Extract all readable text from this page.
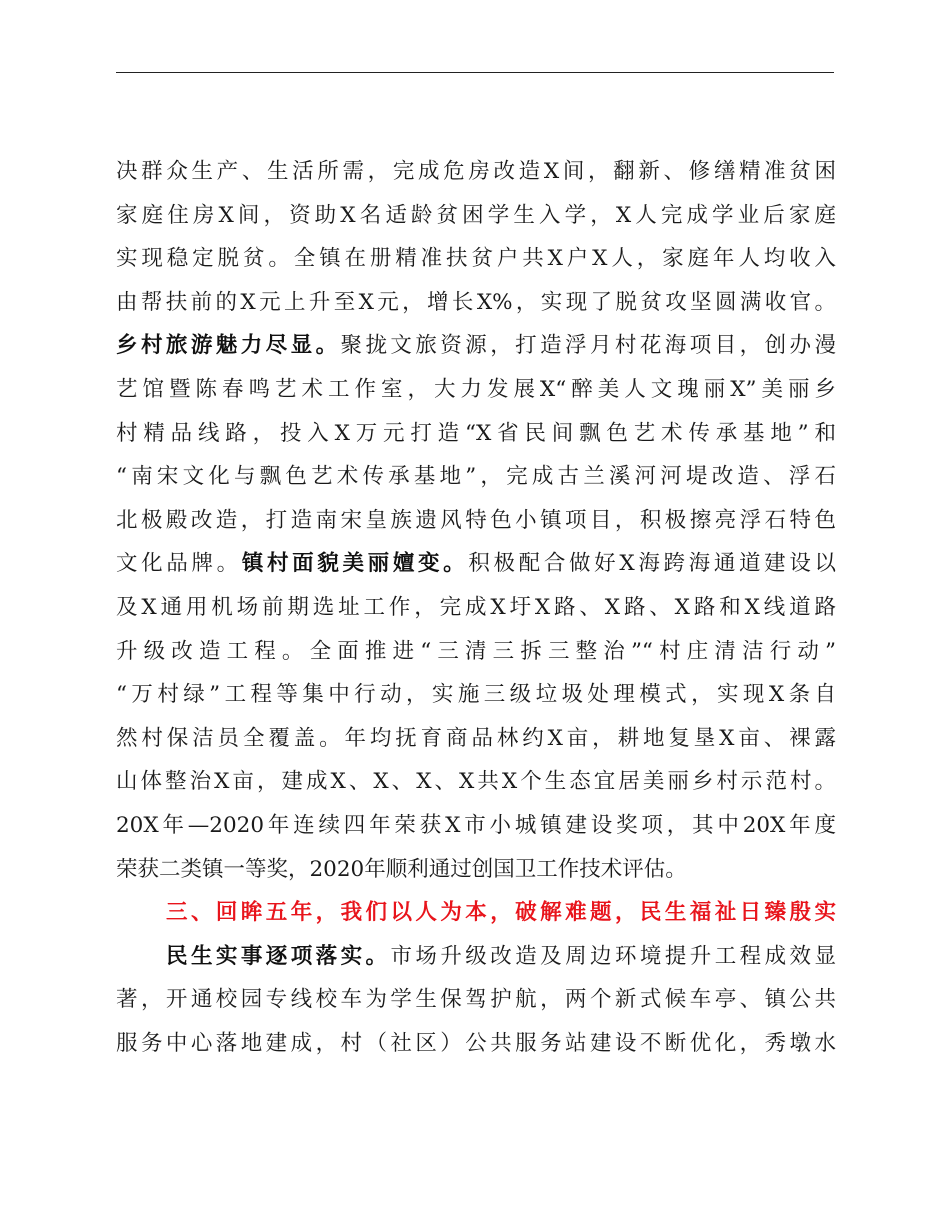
决群众生产、生活所需，完成危房改造X间，翻新、修缮精准贫困
家庭住房X间，资助X名适龄贫困学生入学，X人完成学业后家庭
实现稳定脱贫。全镇在册精准扶贫户共X户X人，家庭年人均收入
由帮扶前的X元上升至X元，增长X%，实现了脱贫攻坚圆满收官。
乡村旅游魅力尽显。聚拢文旅资源，打造浮月村花海项目，创办漫
艺馆暨陈春鸣艺术工作室，大力发展X“醉美人文瑰丽X”美丽乡
村精品线路，投入X万元打造“X省民间飘色艺术传承基地”和
“南宋文化与飘色艺术传承基地”，完成古兰溪河河堤改造、浮石
北极殿改造，打造南宋皇族遗风特色小镇项目，积极擦亮浮石特色
文化品牌。镇村面貌美丽嬗变。积极配合做好X海跨海通道建设以
及X通用机场前期选址工作，完成X圩X路、X路、X路和X线道路
升级改造工程。全面推进“三清三拆三整治”“村庄清洁行动”
“万村绿”工程等集中行动，实施三级垃圾处理模式，实现X条自
然村保洁员全覆盖。年均抚育商品林约X亩，耕地复垦X亩、裸露
山体整治X亩，建成X、X、X、X共X个生态宜居美丽乡村示范村。
20X年—2020年连续四年荣获X市小城镇建设奖项，其中20X年度
荣获二类镇一等奖，2020年顺利通过创国卫工作技术评估。
三、回眸五年，我们以人为本，破解难题，民生福祉日臻殷实
民生实事逐项落实。市场升级改造及周边环境提升工程成效显
著，开通校园专线校车为学生保驾护航，两个新式候车亭、镇公共
服务中心落地建成，村（社区）公共服务站建设不断优化，秀墩水
